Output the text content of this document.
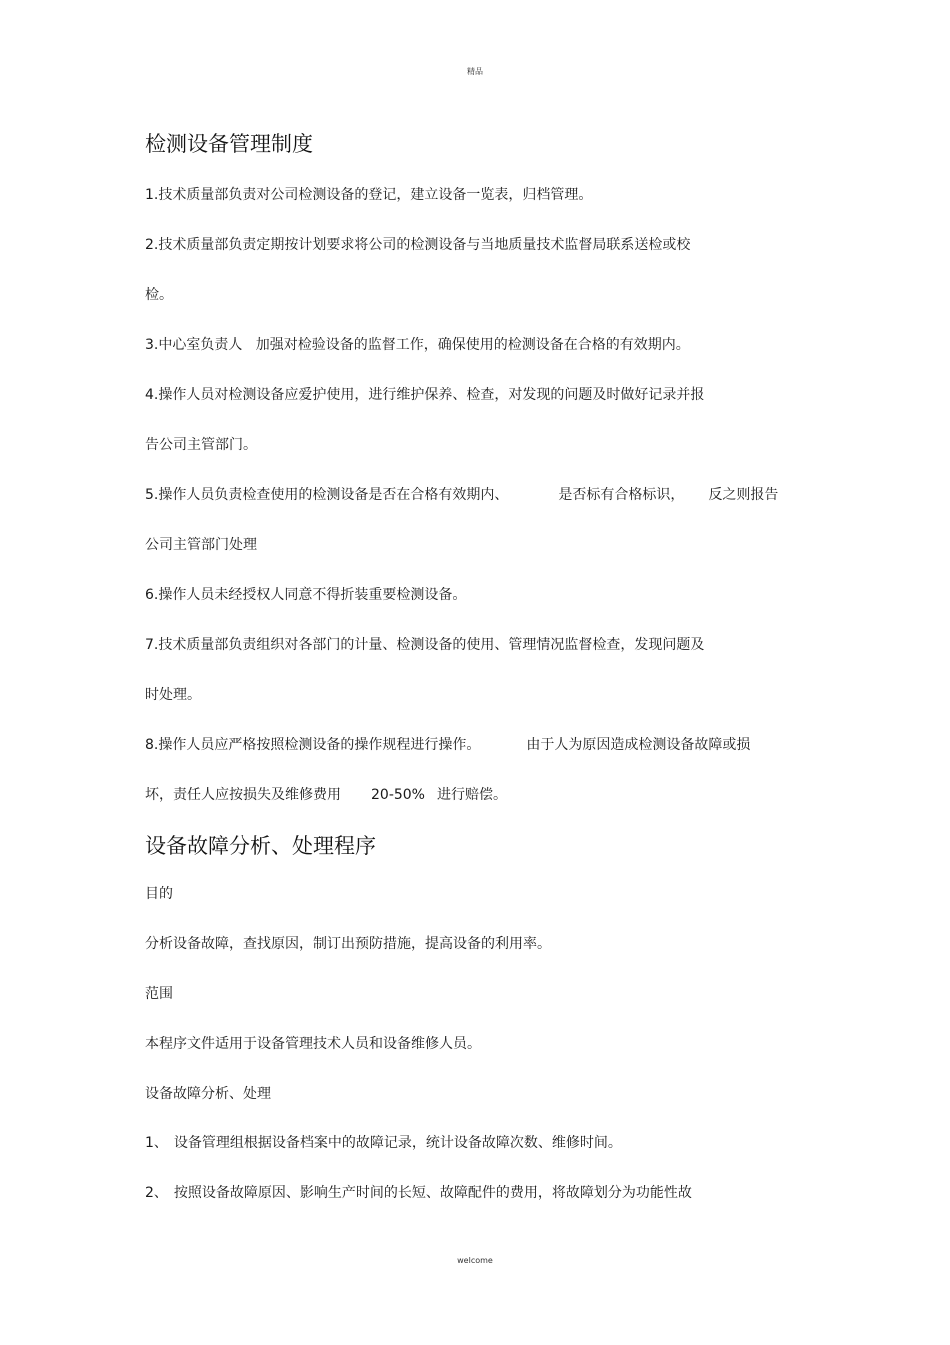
精品
检测设备管理制度
1.技术质量部负责对公司检测设备的登记，建立设备一览表，归档管理。
2.技术质量部负责定期按计划要求将公司的检测设备与当地质量技术监督局联系送检或校
检。
3.中心室负责人   加强对检验设备的监督工作，确保使用的检测设备在合格的有效期内。
4.操作人员对检测设备应爱护使用，进行维护保养、检查，对发现的问题及时做好记录并报
告公司主管部门。
5.操作人员负责检查使用的检测设备是否在合格有效期内、	是否标有合格标识， 反之则报告
公司主管部门处理
6.操作人员未经授权人同意不得折装重要检测设备。
7.技术质量部负责组织对各部门的计量、检测设备的使用、管理情况监督检查，发现问题及
时处理。
8.操作人员应严格按照检测设备的操作规程进行操作。	由于人为原因造成检测设备故障或损
坏，责任人应按损失及维修费用 20-50% 进行赔偿。
设备故障分析、处理程序
目的
分析设备故障，查找原因，制订出预防措施，提高设备的利用率。
范围
本程序文件适用于设备管理技术人员和设备维修人员。
设备故障分析、处理
1、 设备管理组根据设备档案中的故障记录，统计设备故障次数、维修时间。
2、 按照设备故障原因、影响生产时间的长短、故障配件的费用，将故障划分为功能性故
welcome
